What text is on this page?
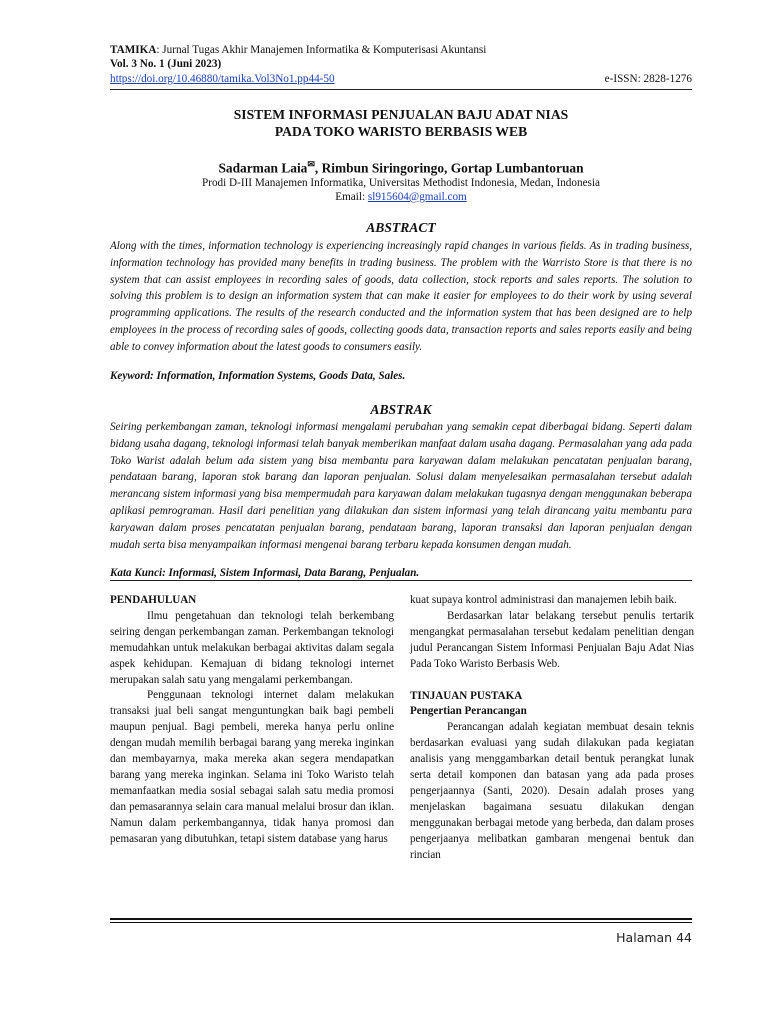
TAMIKA: Jurnal Tugas Akhir Manajemen Informatika & Komputerisasi Akuntansi
Vol. 3 No. 1 (Juni 2023)
https://doi.org/10.46880/tamika.Vol3No1.pp44-50	e-ISSN: 2828-1276
SISTEM INFORMASI PENJUALAN BAJU ADAT NIAS
PADA TOKO WARISTO BERBASIS WEB
Sadarman Laia✉, Rimbun Siringoringo, Gortap Lumbantoruan
Prodi D-III Manajemen Informatika, Universitas Methodist Indonesia, Medan, Indonesia
Email: sl915604@gmail.com
ABSTRACT
Along with the times, information technology is experiencing increasingly rapid changes in various fields. As in trading business, information technology has provided many benefits in trading business. The problem with the Warristo Store is that there is no system that can assist employees in recording sales of goods, data collection, stock reports and sales reports. The solution to solving this problem is to design an information system that can make it easier for employees to do their work by using several programming applications. The results of the research conducted and the information system that has been designed are to help employees in the process of recording sales of goods, collecting goods data, transaction reports and sales reports easily and being able to convey information about the latest goods to consumers easily.
Keyword: Information, Information Systems, Goods Data, Sales.
ABSTRAK
Seiring perkembangan zaman, teknologi informasi mengalami perubahan yang semakin cepat diberbagai bidang. Seperti dalam bidang usaha dagang, teknologi informasi telah banyak memberikan manfaat dalam usaha dagang. Permasalahan yang ada pada Toko Warist adalah belum ada sistem yang bisa membantu para karyawan dalam melakukan pencatatan penjualan barang, pendataan barang, laporan stok barang dan laporan penjualan. Solusi dalam menyelesaikan permasalahan tersebut adalah merancang sistem informasi yang bisa mempermudah para karyawan dalam melakukan tugasnya dengan menggunakan beberapa aplikasi pemrograman. Hasil dari penelitian yang dilakukan dan sistem informasi yang telah dirancang yaitu membantu para karyawan dalam proses pencatatan penjualan barang, pendataan barang, laporan transaksi dan laporan penjualan dengan mudah serta bisa menyampaikan informasi mengenai barang terbaru kepada konsumen dengan mudah.
Kata Kunci: Informasi, Sistem Informasi, Data Barang, Penjualan.

PENDAHULUAN

Ilmu pengetahuan dan teknologi telah berkembang seiring dengan perkembangan zaman. Perkembangan teknologi memudahkan untuk melakukan berbagai aktivitas dalam segala aspek kehidupan. Kemajuan di bidang teknologi internet merupakan salah satu yang mengalami perkembangan.

Penggunaan teknologi internet dalam melakukan transaksi jual beli sangat menguntungkan baik bagi pembeli maupun penjual. Bagi pembeli, mereka hanya perlu online dengan mudah memilih berbagai barang yang mereka inginkan dan membayarnya, maka mereka akan segera mendapatkan barang yang mereka inginkan. Selama ini Toko Waristo telah memanfaatkan media sosial sebagai salah satu media promosi dan pemasarannya selain cara manual melalui brosur dan iklan. Namun dalam perkembangannya, tidak hanya promosi dan pemasaran yang dibutuhkan, tetapi sistem database yang harus

kuat supaya kontrol administrasi dan manajemen lebih baik.

Berdasarkan latar belakang tersebut penulis tertarik mengangkat permasalahan tersebut kedalam penelitian dengan judul Perancangan Sistem Informasi Penjualan Baju Adat Nias Pada Toko Waristo Berbasis Web.

TINJAUAN PUSTAKA

Pengertian Perancangan

Perancangan adalah kegiatan membuat desain teknis berdasarkan evaluasi yang sudah dilakukan pada kegiatan analisis yang menggambarkan detail bentuk perangkat lunak serta detail komponen dan batasan yang ada pada proses pengerjaannya (Santi, 2020). Desain adalah proses yang menjelaskan bagaimana sesuatu dilakukan dengan menggunakan berbagai metode yang berbeda, dan dalam proses pengerjaanya melibatkan gambaran mengenai bentuk dan rincian

Halaman 44
